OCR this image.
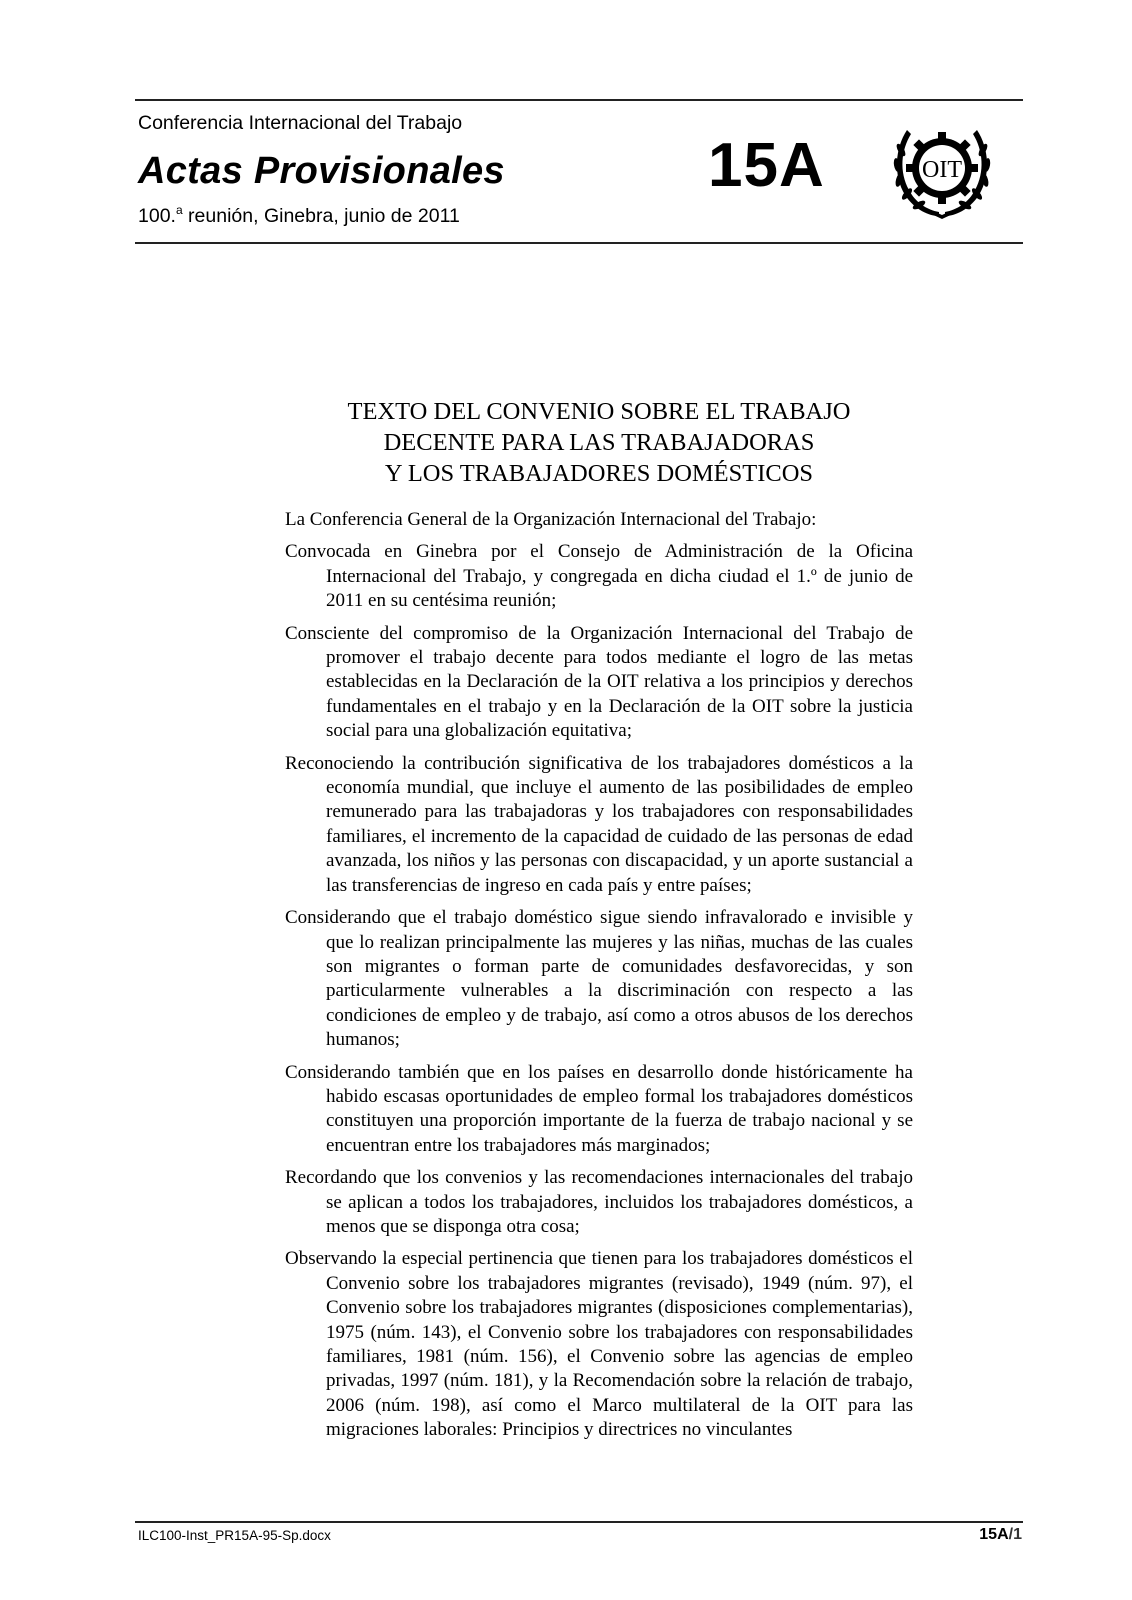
Conferencia Internacional del Trabajo
Actas Provisionales
100.$^a$ reunión, Ginebra, junio de 2011
15A	OIT
TEXTO DEL CONVENIO SOBRE EL TRABAJO
DECENTE PARA LAS TRABAJADORAS
Y LOS TRABAJADORES DOMÉSTICOS

La Conferencia General de la Organización Internacional del Trabajo:

Convocada en Ginebra por el Consejo de Administración de la Oficina Internacional del Trabajo, y congregada en dicha ciudad el 1.º de junio de 2011 en su centésima reunión;

Consciente del compromiso de la Organización Internacional del Trabajo de promover el trabajo decente para todos mediante el logro de las metas establecidas en la Declaración de la OIT relativa a los principios y derechos fundamentales en el trabajo y en la Declaración de la OIT sobre la justicia social para una globalización equitativa;

Reconociendo la contribución significativa de los trabajadores domésticos a la economía mundial, que incluye el aumento de las posibilidades de empleo remunerado para las trabajadoras y los trabajadores con responsabilidades familiares, el incremento de la capacidad de cuidado de las personas de edad avanzada, los niños y las personas con discapacidad, y un aporte sustancial a las transferencias de ingreso en cada país y entre países;

Considerando que el trabajo doméstico sigue siendo infravalorado e invisible y que lo realizan principalmente las mujeres y las niñas, muchas de las cuales son migrantes o forman parte de comunidades desfavorecidas, y son particularmente vulnerables a la discriminación con respecto a las condiciones de empleo y de trabajo, así como a otros abusos de los derechos humanos;

Considerando también que en los países en desarrollo donde históricamente ha habido escasas oportunidades de empleo formal los trabajadores domésticos constituyen una proporción importante de la fuerza de trabajo nacional y se encuentran entre los trabajadores más marginados;

Recordando que los convenios y las recomendaciones internacionales del trabajo se aplican a todos los trabajadores, incluidos los trabajadores domésticos, a menos que se disponga otra cosa;

Observando la especial pertinencia que tienen para los trabajadores domésticos el Convenio sobre los trabajadores migrantes (revisado), 1949 (núm. 97), el Convenio sobre los trabajadores migrantes (disposiciones complementarias), 1975 (núm. 143), el Convenio sobre los trabajadores con responsabilidades familiares, 1981 (núm. 156), el Convenio sobre las agencias de empleo privadas, 1997 (núm. 181), y la Recomendación sobre la relación de trabajo, 2006 (núm. 198), así como el Marco multilateral de la OIT para las migraciones laborales: Principios y directrices no vinculantes

ILC100-Inst_PR15A-95-Sp.docx	15A/1
